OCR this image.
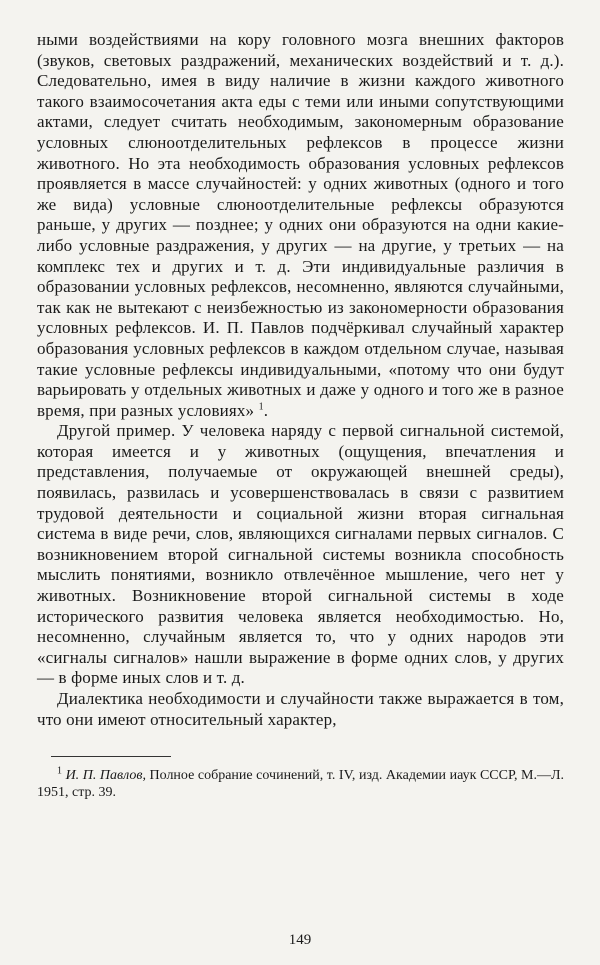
ными воздействиями на кору головного мозга внешних факторов (звуков, световых раздражений, механических воздействий и т. д.). Следовательно, имея в виду наличие в жизни каждого животного такого взаимосочетания акта еды с теми или иными сопутствующими актами, следует считать необходимым, закономерным образование условных слюноотделительных рефлексов в процессе жизни животного. Но эта необходимость образования условных рефлексов проявляется в массе случайностей: у одних животных (одного и того же вида) условные слюноотделительные рефлексы образуются раньше, у других — позднее; у одних они образуются на одни какие-либо условные раздражения, у других — на другие, у третьих — на комплекс тех и других и т. д. Эти индивидуальные различия в образовании условных рефлексов, несомненно, являются случайными, так как не вытекают с неизбежностью из закономерности образования условных рефлексов. И. П. Павлов подчёркивал случайный характер образования условных рефлексов в каждом отдельном случае, называя такие условные рефлексы индивидуальными, «потому что они будут варьировать у отдельных животных и даже у одного и того же в разное время, при разных условиях» $^1$.

Другой пример. У человека наряду с первой сигнальной системой, которая имеется и у животных (ощущения, впечатления и представления, получаемые от окружающей внешней среды), появилась, развилась и усовершенствовалась в связи с развитием трудовой деятельности и социальной жизни вторая сигнальная система в виде речи, слов, являющихся сигналами первых сигналов. С возникновением второй сигнальной системы возникла способность мыслить понятиями, возникло отвлечённое мышление, чего нет у животных. Возникновение второй сигнальной системы в ходе исторического развития человека является необходимостью. Но, несомненно, случайным является то, что у одних народов эти «сигналы сигналов» нашли выражение в форме одних слов, у других — в форме иных слов и т. д.

Диалектика необходимости и случайности также выражается в том, что они имеют относительный характер,

$^1$ И. П. Павлов, Полное собрание сочинений, т. IV, изд. Академии иаук СССР, М.—Л. 1951, стр. 39.
149
